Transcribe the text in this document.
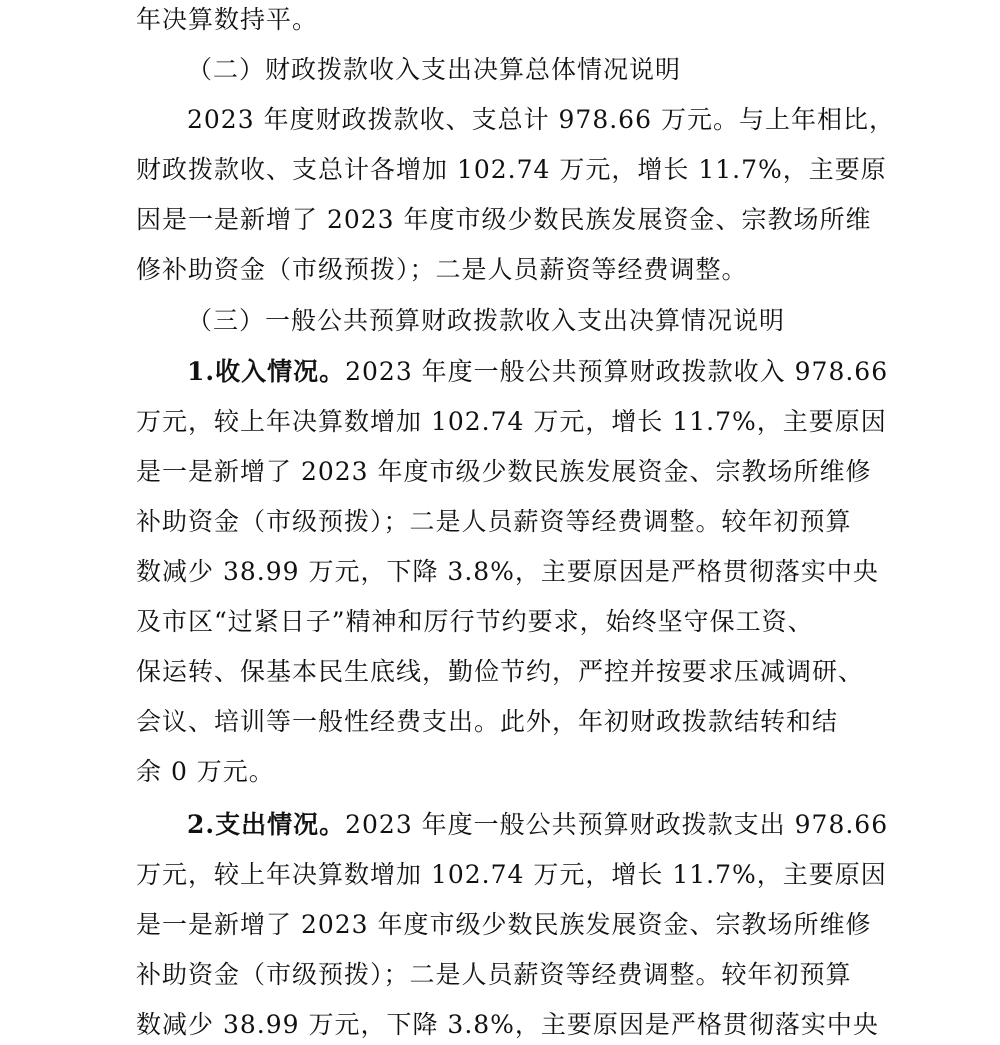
年决算数持平。
（二）财政拨款收入支出决算总体情况说明
2023 年度财政拨款收、支总计 978.66 万元。与上年相比，
财政拨款收、支总计各增加 102.74 万元，增长 11.7%，主要原
因是一是新增了 2023 年度市级少数民族发展资金、宗教场所维
修补助资金（市级预拨）；二是人员薪资等经费调整。
（三）一般公共预算财政拨款收入支出决算情况说明
1.收入情况。2023 年度一般公共预算财政拨款收入 978.66
万元，较上年决算数增加 102.74 万元，增长 11.7%，主要原因
是一是新增了 2023 年度市级少数民族发展资金、宗教场所维修
补助资金（市级预拨）；二是人员薪资等经费调整。较年初预算
数减少 38.99 万元，下降 3.8%，主要原因是严格贯彻落实中央
及市区“过紧日子”精神和厉行节约要求，始终坚守保工资、
保运转、保基本民生底线，勤俭节约，严控并按要求压减调研、
会议、培训等一般性经费支出。此外，年初财政拨款结转和结
余 0 万元。
2.支出情况。2023 年度一般公共预算财政拨款支出 978.66
万元，较上年决算数增加 102.74 万元，增长 11.7%，主要原因
是一是新增了 2023 年度市级少数民族发展资金、宗教场所维修
补助资金（市级预拨）；二是人员薪资等经费调整。较年初预算
数减少 38.99 万元，下降 3.8%，主要原因是严格贯彻落实中央
